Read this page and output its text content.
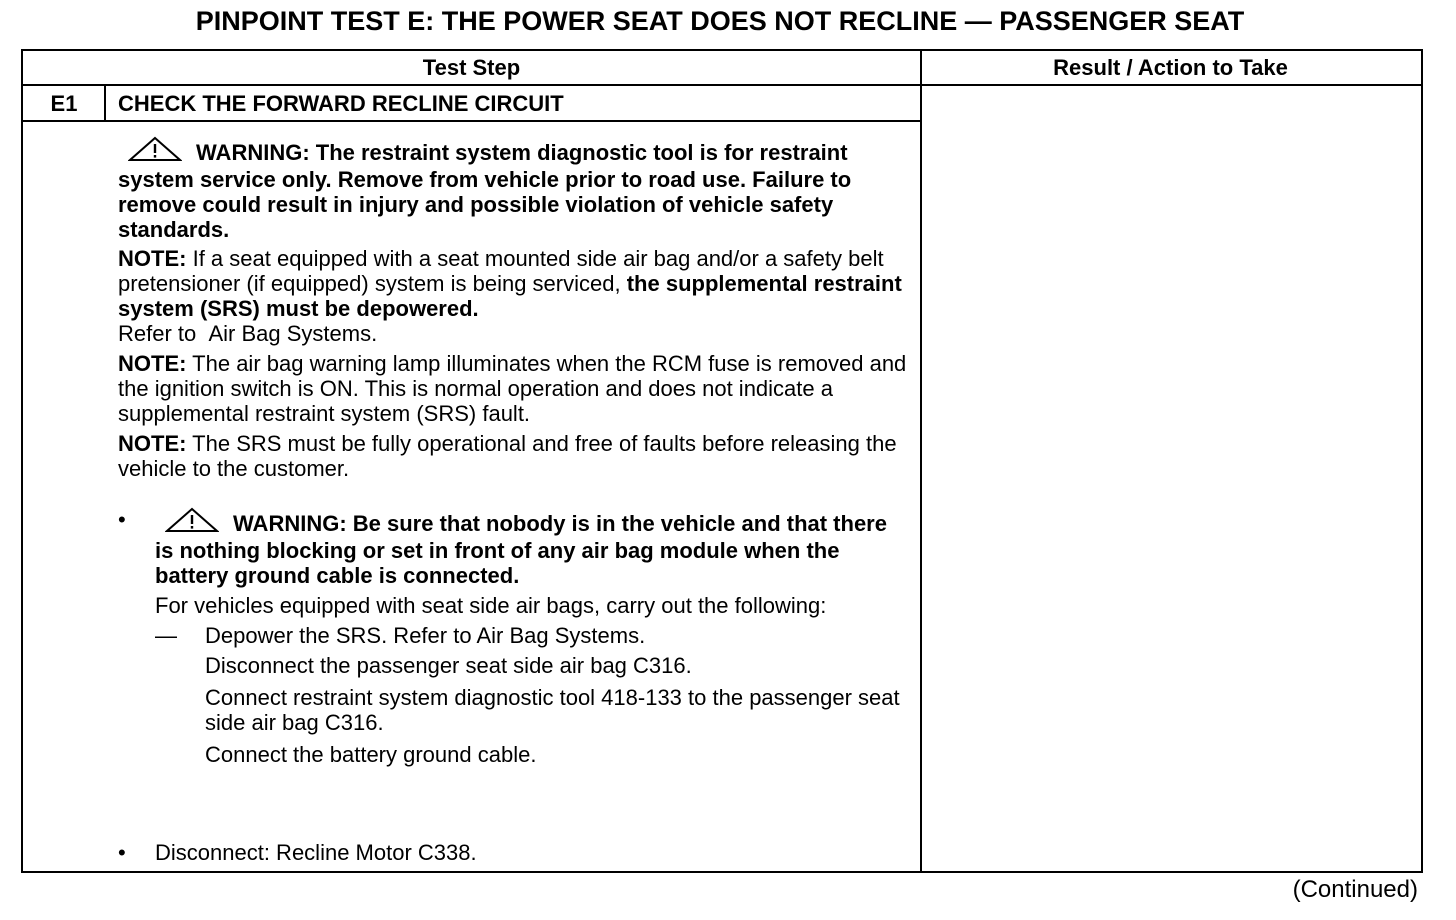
PINPOINT TEST E: THE POWER SEAT DOES NOT RECLINE — PASSENGER SEAT
Test Step	Result / Action to Take
E1	CHECK THE FORWARD RECLINE CIRCUIT

WARNING: The restraint system diagnostic tool is for restraint system service only. Remove from vehicle prior to road use. Failure to remove could result in injury and possible violation of vehicle safety standards.

NOTE: If a seat equipped with a seat mounted side air bag and/or a safety belt pretensioner (if equipped) system is being serviced, the supplemental restraint system (SRS) must be depowered.
Refer to Air Bag Systems.

NOTE: The air bag warning lamp illuminates when the RCM fuse is removed and the ignition switch is ON. This is normal operation and does not indicate a supplemental restraint system (SRS) fault.

NOTE: The SRS must be fully operational and free of faults before releasing the vehicle to the customer.

•	WARNING: Be sure that nobody is in the vehicle and that there is nothing blocking or set in front of any air bag module when the battery ground cable is connected.

For vehicles equipped with seat side air bags, carry out the following:

— Depower the SRS. Refer to Air Bag Systems.

Disconnect the passenger seat side air bag C316.

Connect restraint system diagnostic tool 418-133 to the passenger seat side air bag C316.

Connect the battery ground cable.

• Disconnect: Recline Motor C338.
(Continued)
